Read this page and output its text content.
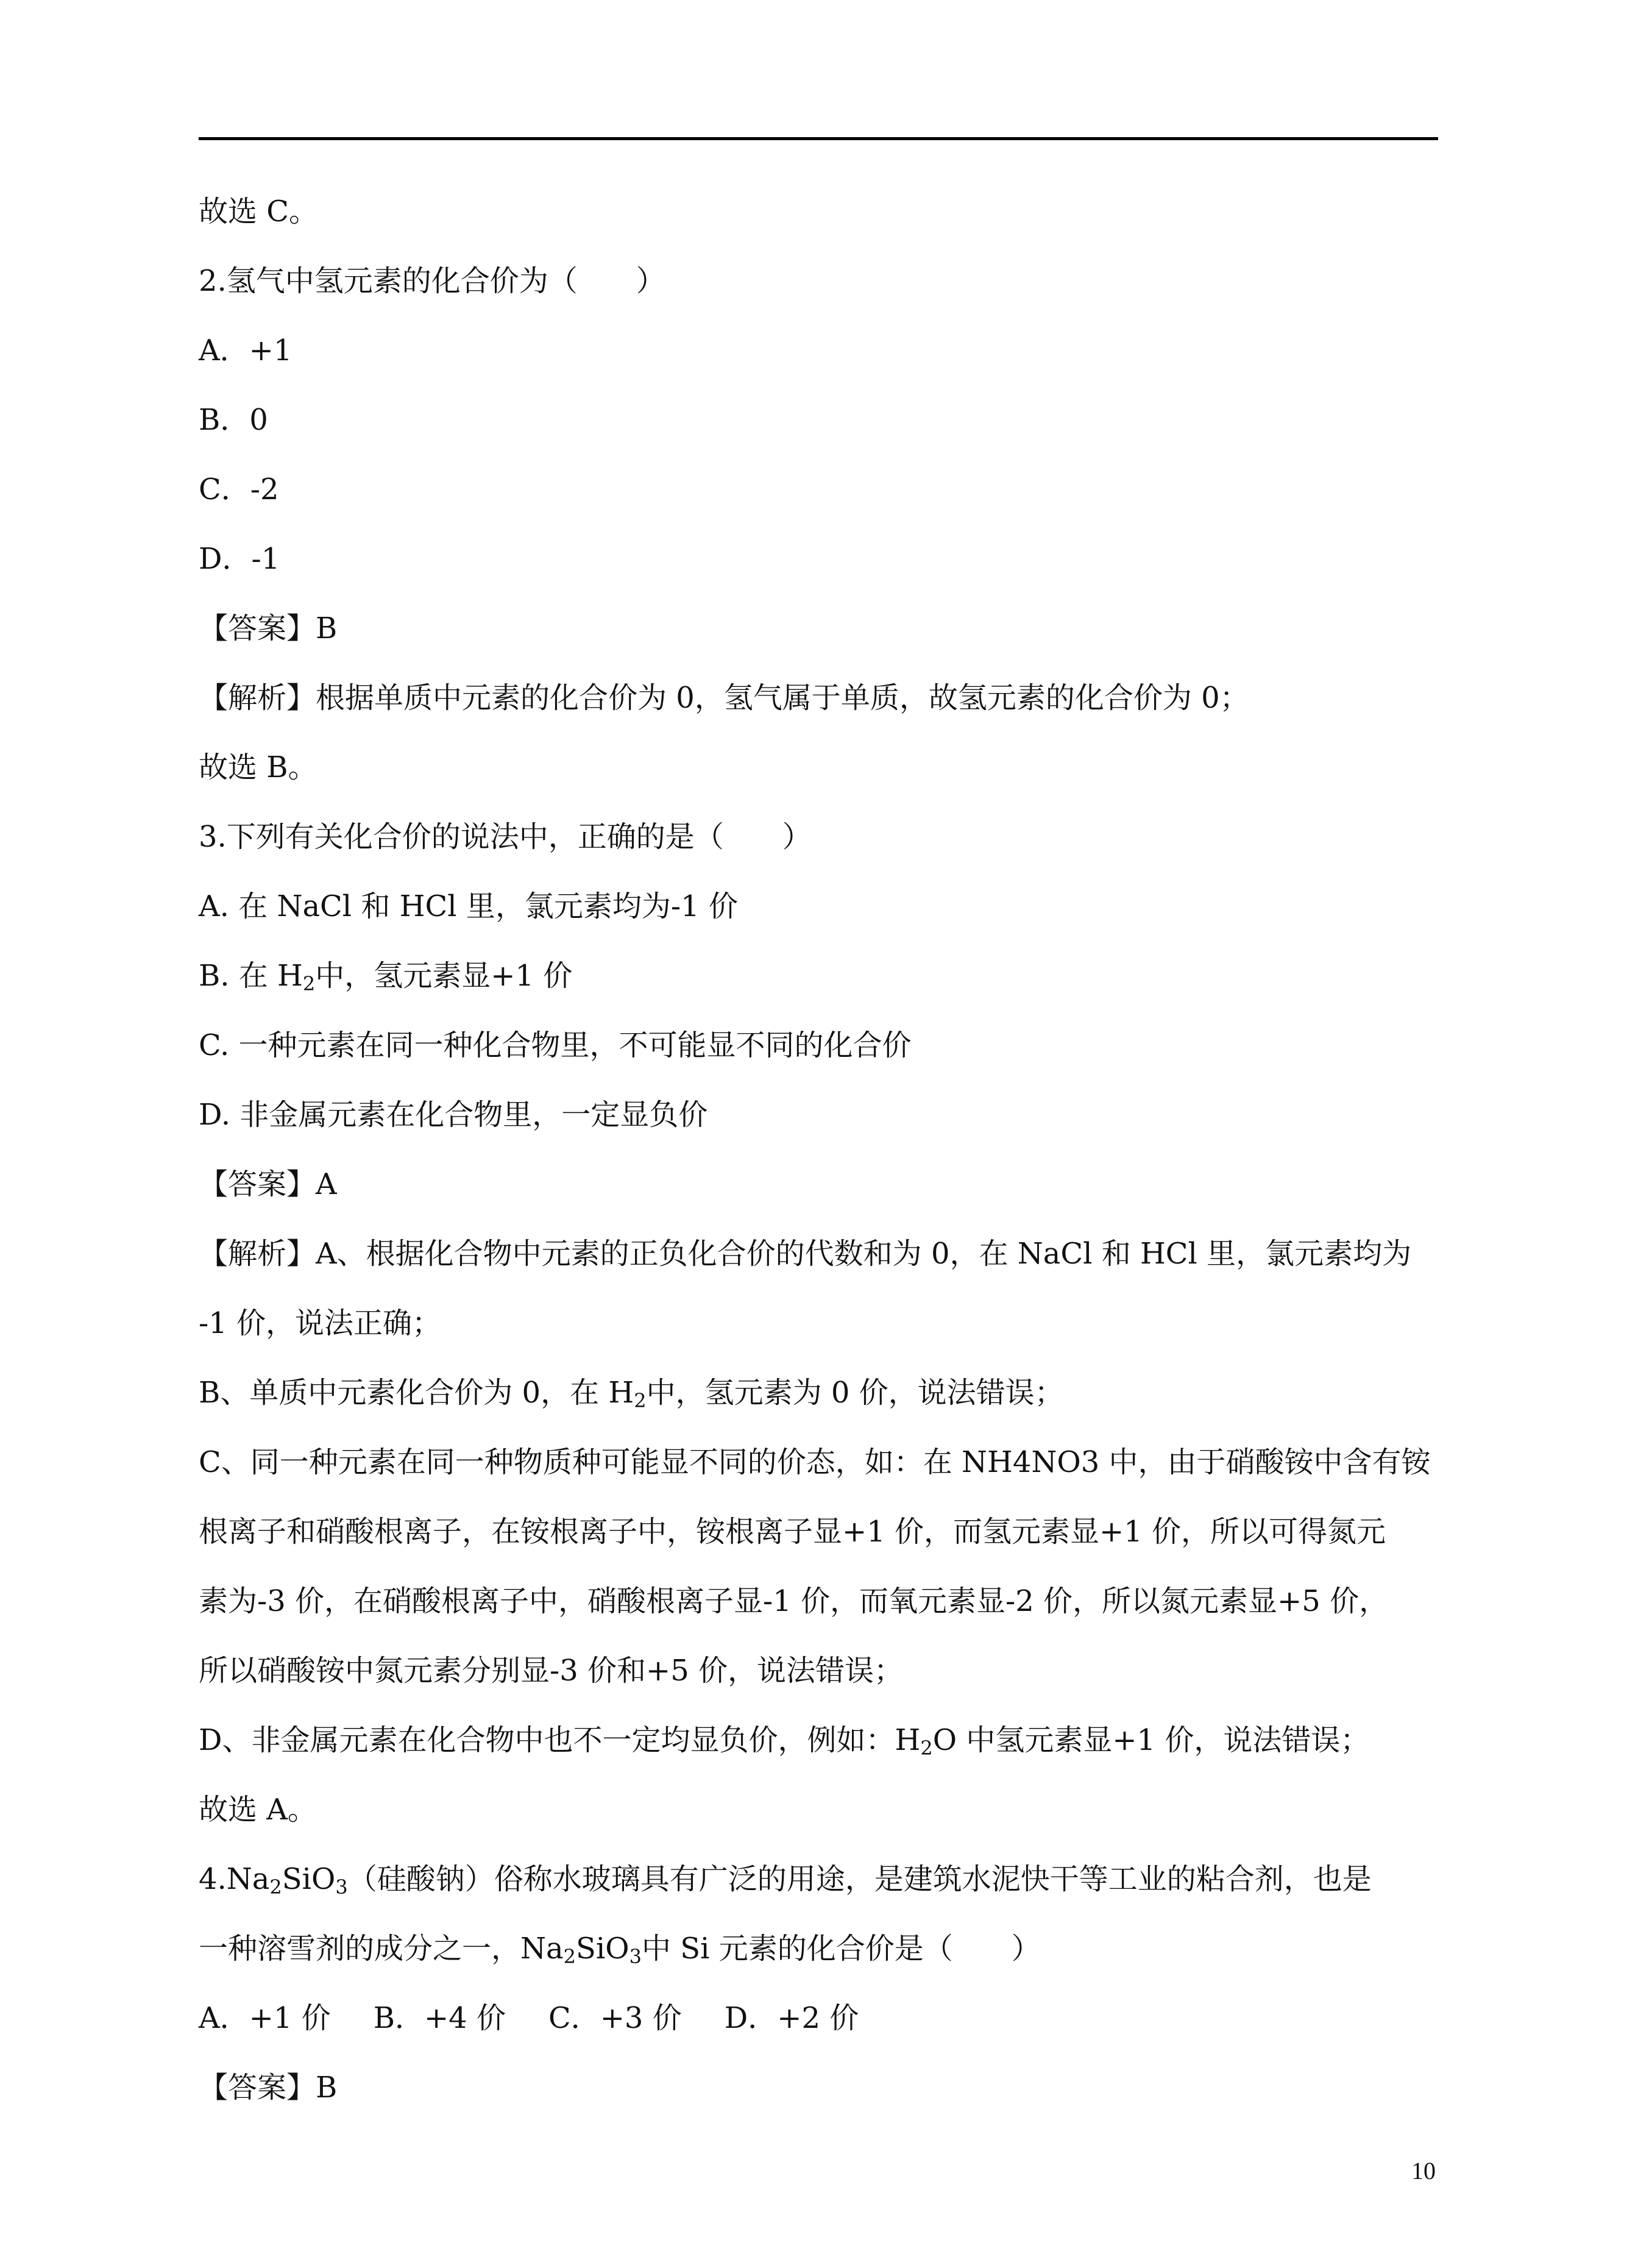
故选 C。
2.氢气中氢元素的化合价为（　　）
A．+1
B．0
C．-2
D．-1
【答案】B
【解析】根据单质中元素的化合价为 0，氢气属于单质，故氢元素的化合价为 0；
故选 B。
3.下列有关化合价的说法中，正确的是（　　）
A. 在 NaCl 和 HCl 里，氯元素均为-1 价
B. 在 $H_2$中，氢元素显+1 价
C. 一种元素在同一种化合物里，不可能显不同的化合价
D. 非金属元素在化合物里，一定显负价
【答案】A
【解析】A、根据化合物中元素的正负化合价的代数和为 0，在 NaCl 和 HCl 里，氯元素均为
-1 价，说法正确；
B、单质中元素化合价为 0，在 $H_2$中，氢元素为 0 价，说法错误；
C、同一种元素在同一种物质种可能显不同的价态，如：在 NH4NO3 中，由于硝酸铵中含有铵
根离子和硝酸根离子，在铵根离子中，铵根离子显+1 价，而氢元素显+1 价，所以可得氮元
素为-3 价，在硝酸根离子中，硝酸根离子显-1 价，而氧元素显-2 价，所以氮元素显+5 价，
所以硝酸铵中氮元素分别显-3 价和+5 价，说法错误；
D、非金属元素在化合物中也不一定均显负价，例如：$H_2O$ 中氢元素显+1 价，说法错误；
故选 A。
$4.Na_2SiO_3$（硅酸钠）俗称水玻璃具有广泛的用途，是建筑水泥快干等工业的粘合剂，也是
一种溶雪剂的成分之一，$Na_2SiO_3$中 Si 元素的化合价是（　　）
A．+1 价 B．+4 价 C．+3 价 D．+2 价
【答案】B
10
